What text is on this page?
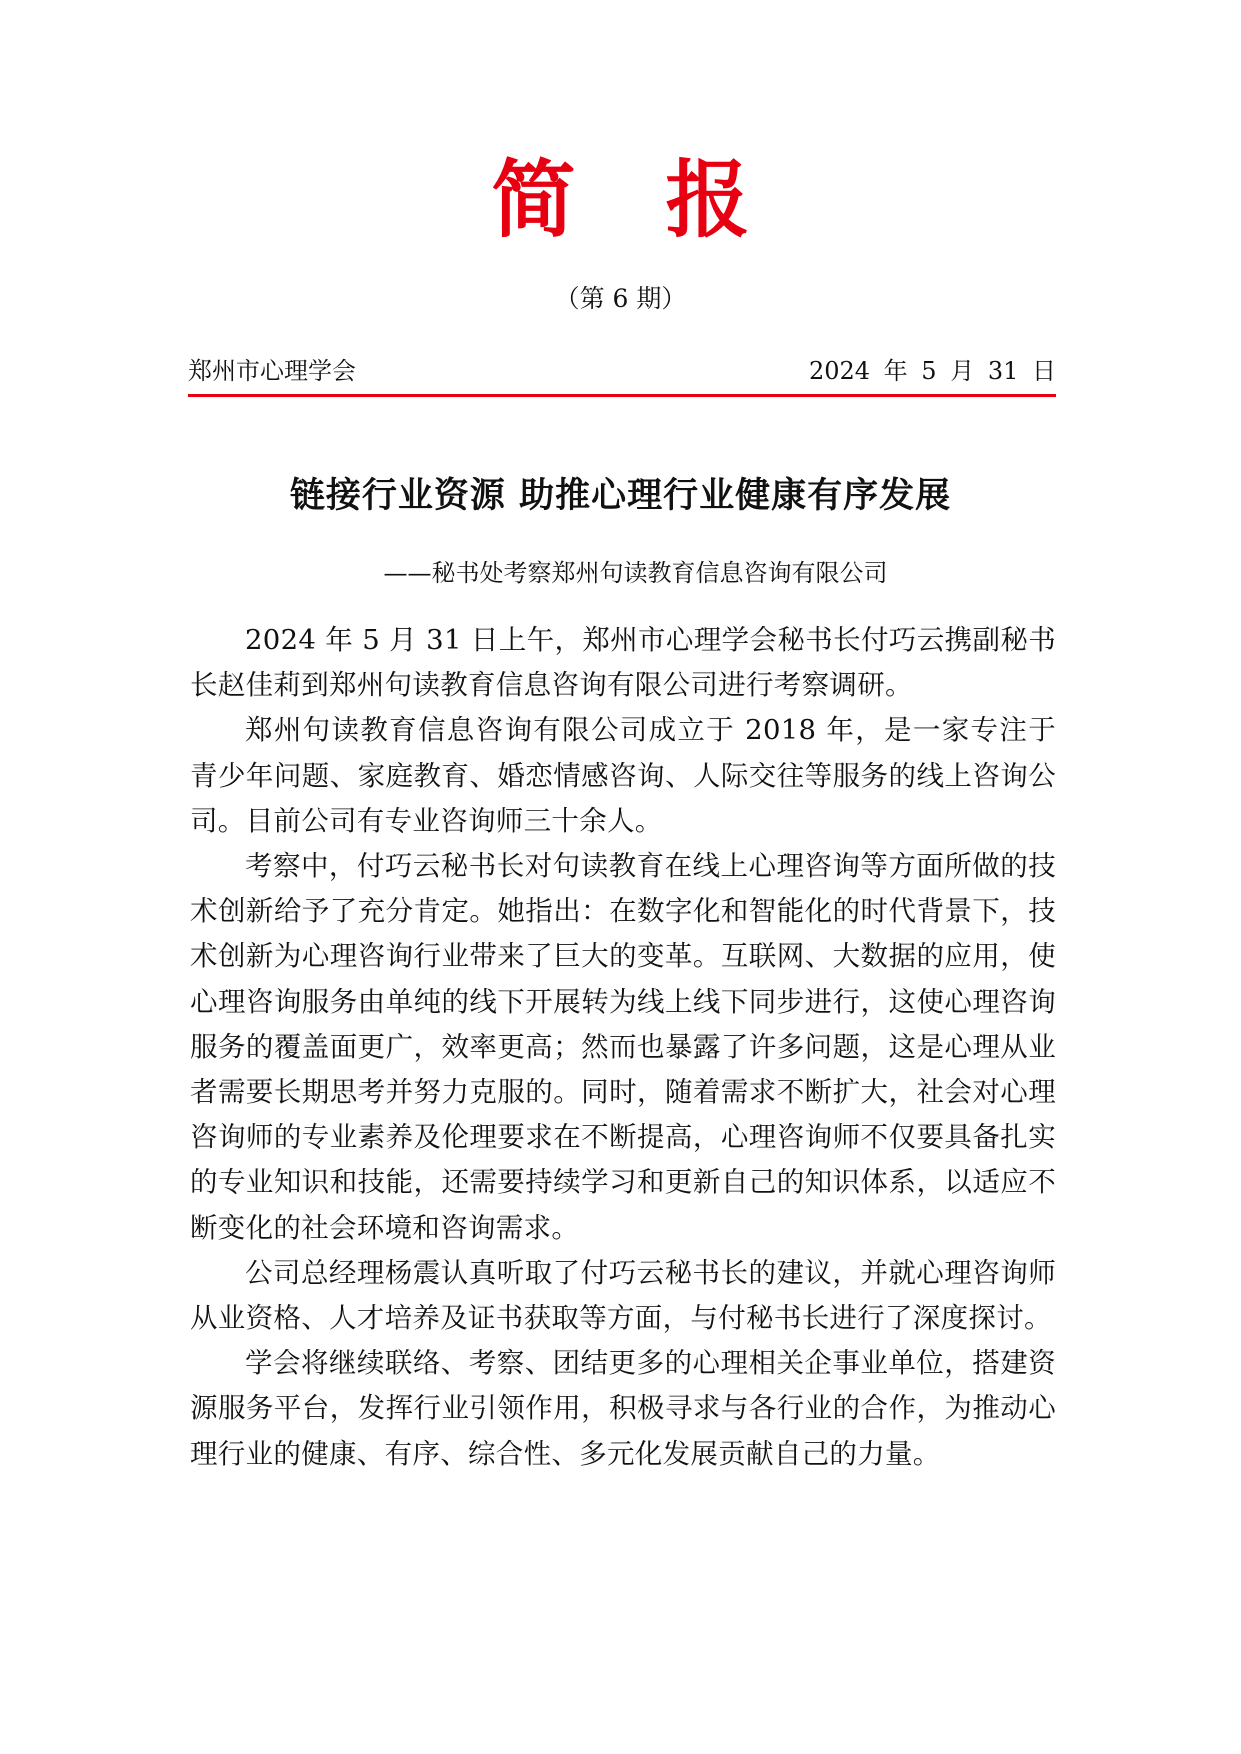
简报
（第 6 期）
郑州市心理学会	2024 年 5 月 31 日
链接行业资源 助推心理行业健康有序发展
——秘书处考察郑州句读教育信息咨询有限公司

2024 年 5 月 31 日上午，郑州市心理学会秘书长付巧云携副秘书长赵佳莉到郑州句读教育信息咨询有限公司进行考察调研。

郑州句读教育信息咨询有限公司成立于 2018 年，是一家专注于青少年问题、家庭教育、婚恋情感咨询、人际交往等服务的线上咨询公司。目前公司有专业咨询师三十余人。

考察中，付巧云秘书长对句读教育在线上心理咨询等方面所做的技术创新给予了充分肯定。她指出：在数字化和智能化的时代背景下，技术创新为心理咨询行业带来了巨大的变革。互联网、大数据的应用，使心理咨询服务由单纯的线下开展转为线上线下同步进行，这使心理咨询服务的覆盖面更广，效率更高；然而也暴露了许多问题，这是心理从业者需要长期思考并努力克服的。同时，随着需求不断扩大，社会对心理咨询师的专业素养及伦理要求在不断提高，心理咨询师不仅要具备扎实的专业知识和技能，还需要持续学习和更新自己的知识体系，以适应不断变化的社会环境和咨询需求。

公司总经理杨震认真听取了付巧云秘书长的建议，并就心理咨询师从业资格、人才培养及证书获取等方面，与付秘书长进行了深度探讨。

学会将继续联络、考察、团结更多的心理相关企事业单位，搭建资源服务平台，发挥行业引领作用，积极寻求与各行业的合作，为推动心理行业的健康、有序、综合性、多元化发展贡献自己的力量。
